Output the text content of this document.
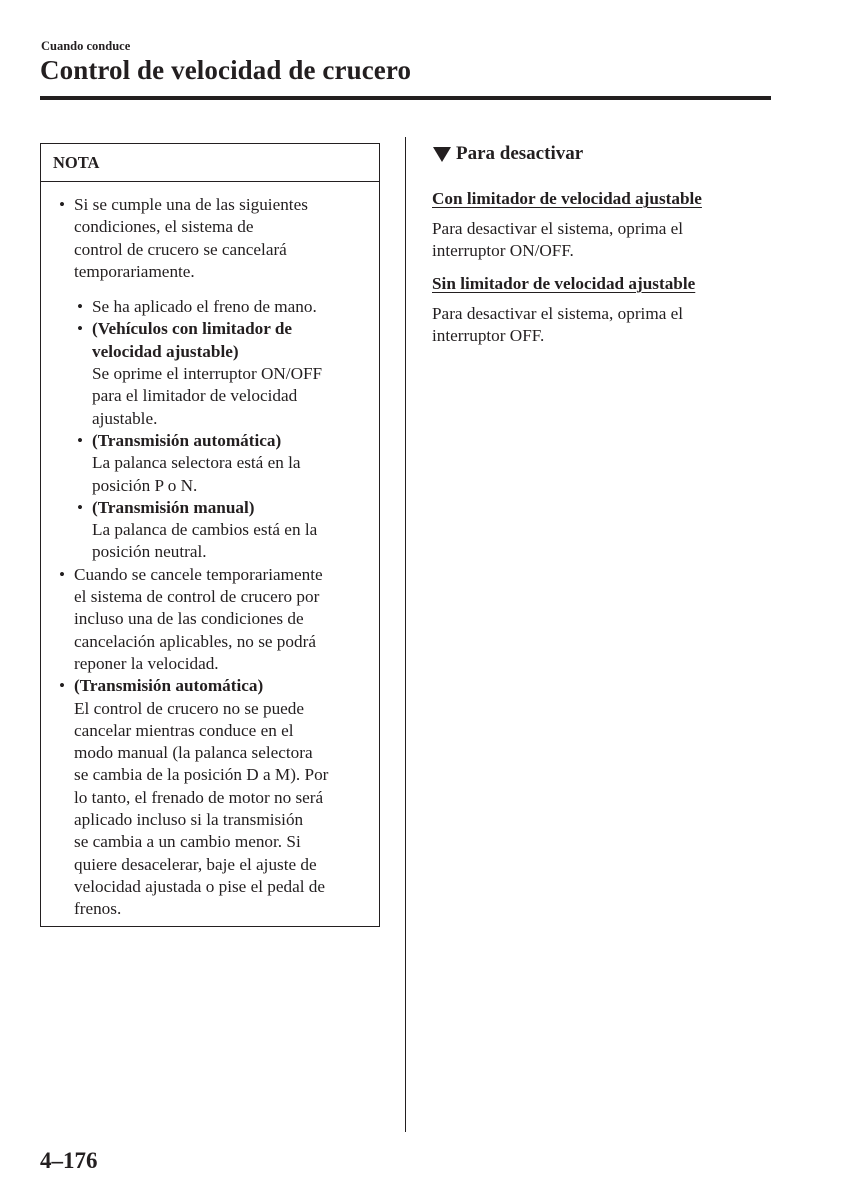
Cuando conduce
Control de velocidad de crucero
NOTA
• Si se cumple una de las siguientes
condiciones, el sistema de
control de crucero se cancelará
temporariamente.
• Se ha aplicado el freno de mano.
• (Vehículos con limitador de
velocidad ajustable)
Se oprime el interruptor ON/OFF
para el limitador de velocidad
ajustable.
• (Transmisión automática)
La palanca selectora está en la
posición P o N.
• (Transmisión manual)
La palanca de cambios está en la
posición neutral.
• Cuando se cancele temporariamente
el sistema de control de crucero por
incluso una de las condiciones de
cancelación aplicables, no se podrá
reponer la velocidad.
• (Transmisión automática)
El control de crucero no se puede
cancelar mientras conduce en el
modo manual (la palanca selectora
se cambia de la posición D a M). Por
lo tanto, el frenado de motor no será
aplicado incluso si la transmisión
se cambia a un cambio menor. Si
quiere desacelerar, baje el ajuste de
velocidad ajustada o pise el pedal de
frenos.
Para desactivar
Con limitador de velocidad ajustable
Para desactivar el sistema, oprima el
interruptor ON/OFF.
Sin limitador de velocidad ajustable
Para desactivar el sistema, oprima el
interruptor OFF.
4–176
